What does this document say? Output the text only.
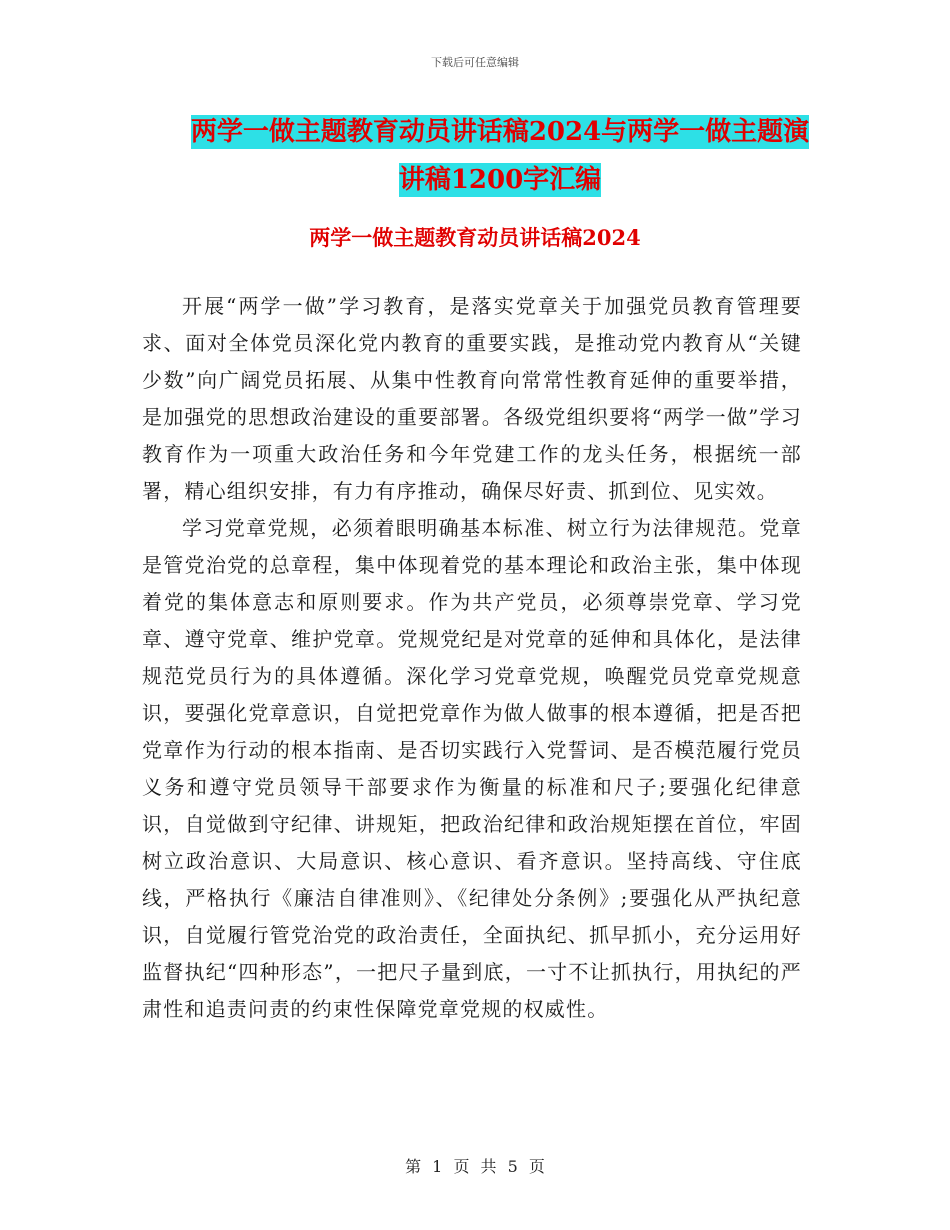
下载后可任意编辑
两学一做主题教育动员讲话稿2024与两学一做主题演
讲稿1200字汇编
两学一做主题教育动员讲话稿2024

开展“两学一做”学习教育，是落实党章关于加强党员教育管理要求、面对全体党员深化党内教育的重要实践，是推动党内教育从“关键少数”向广阔党员拓展、从集中性教育向常常性教育延伸的重要举措，是加强党的思想政治建设的重要部署。各级党组织要将“两学一做”学习教育作为一项重大政治任务和今年党建工作的龙头任务，根据统一部署，精心组织安排，有力有序推动，确保尽好责、抓到位、见实效。

学习党章党规，必须着眼明确基本标准、树立行为法律规范。党章是管党治党的总章程，集中体现着党的基本理论和政治主张，集中体现着党的集体意志和原则要求。作为共产党员，必须尊崇党章、学习党章、遵守党章、维护党章。党规党纪是对党章的延伸和具体化，是法律规范党员行为的具体遵循。深化学习党章党规，唤醒党员党章党规意识，要强化党章意识，自觉把党章作为做人做事的根本遵循，把是否把党章作为行动的根本指南、是否切实践行入党誓词、是否模范履行党员义务和遵守党员领导干部要求作为衡量的标准和尺子;要强化纪律意识，自觉做到守纪律、讲规矩，把政治纪律和政治规矩摆在首位，牢固树立政治意识、大局意识、核心意识、看齐意识。坚持高线、守住底线，严格执行《廉洁自律准则》、《纪律处分条例》;要强化从严执纪意识，自觉履行管党治党的政治责任，全面执纪、抓早抓小，充分运用好监督执纪“四种形态”，一把尺子量到底，一寸不让抓执行，用执纪的严肃性和追责问责的约束性保障党章党规的权威性。

第 1 页 共 5 页
